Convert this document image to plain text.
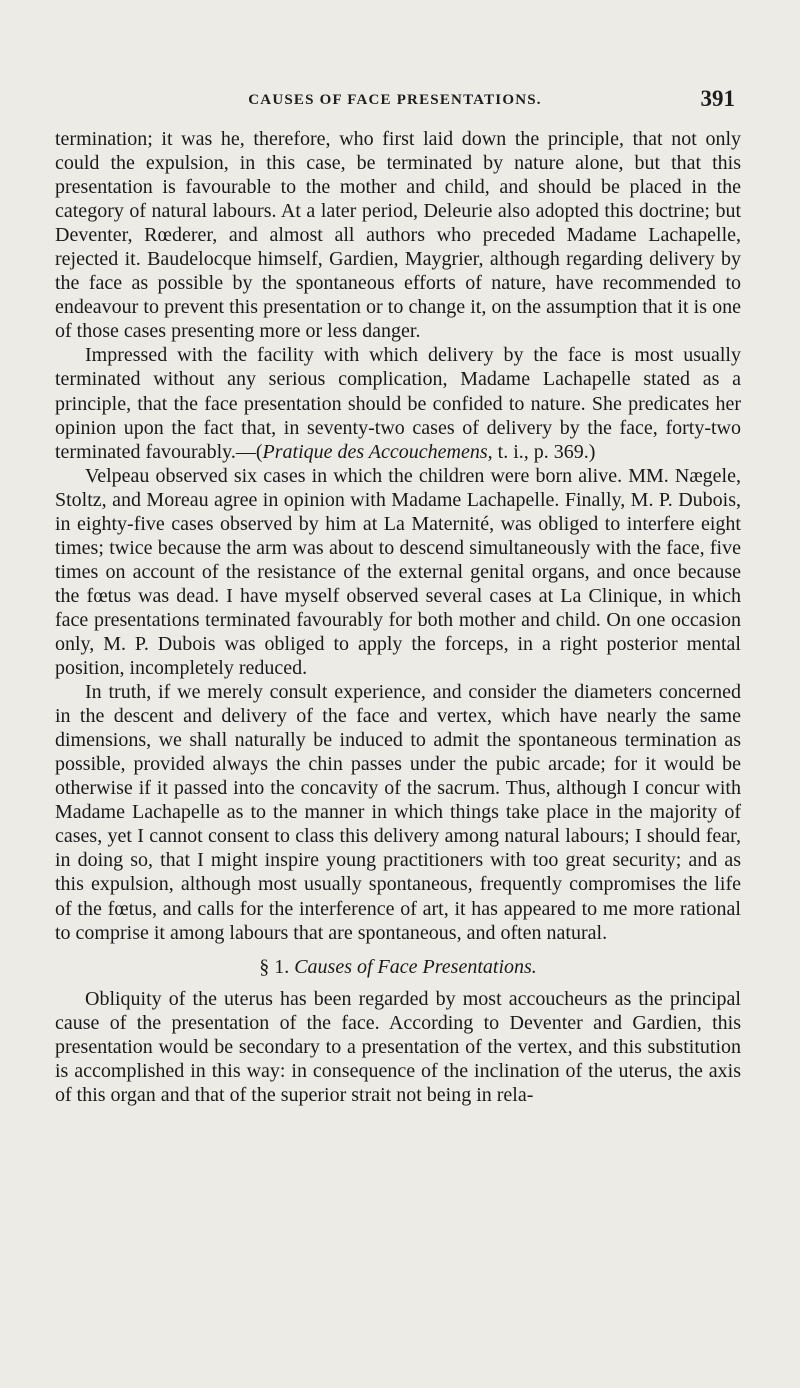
CAUSES OF FACE PRESENTATIONS.	391

termination; it was he, therefore, who first laid down the principle, that not only could the expulsion, in this case, be terminated by nature alone, but that this presentation is favourable to the mother and child, and should be placed in the category of natural labours. At a later period, Deleurie also adopted this doctrine; but Deventer, Rœderer, and almost all authors who preceded Madame Lachapelle, rejected it. Baudelocque himself, Gardien, Maygrier, although regarding delivery by the face as possible by the spontaneous efforts of nature, have recommended to endeavour to prevent this presentation or to change it, on the assumption that it is one of those cases presenting more or less danger.

Impressed with the facility with which delivery by the face is most usually terminated without any serious complication, Madame Lachapelle stated as a principle, that the face presentation should be confided to nature. She predicates her opinion upon the fact that, in seventy-two cases of delivery by the face, forty-two terminated favourably.—(Pratique des Accouchemens, t. i., p. 369.)

Velpeau observed six cases in which the children were born alive. MM. Nægele, Stoltz, and Moreau agree in opinion with Madame Lachapelle. Finally, M. P. Dubois, in eighty-five cases observed by him at La Maternité, was obliged to interfere eight times; twice because the arm was about to descend simultaneously with the face, five times on account of the resistance of the external genital organs, and once because the fœtus was dead. I have myself observed several cases at La Clinique, in which face presentations terminated favourably for both mother and child. On one occasion only, M. P. Dubois was obliged to apply the forceps, in a right posterior mental position, incompletely reduced.

In truth, if we merely consult experience, and consider the diameters concerned in the descent and delivery of the face and vertex, which have nearly the same dimensions, we shall naturally be induced to admit the spontaneous termination as possible, provided always the chin passes under the pubic arcade; for it would be otherwise if it passed into the concavity of the sacrum. Thus, although I concur with Madame Lachapelle as to the manner in which things take place in the majority of cases, yet I cannot consent to class this delivery among natural labours; I should fear, in doing so, that I might inspire young practitioners with too great security; and as this expulsion, although most usually spontaneous, frequently compromises the life of the fœtus, and calls for the interference of art, it has appeared to me more rational to comprise it among labours that are spontaneous, and often natural.

§ 1. Causes of Face Presentations.

Obliquity of the uterus has been regarded by most accoucheurs as the principal cause of the presentation of the face. According to Deventer and Gardien, this presentation would be secondary to a presentation of the vertex, and this substitution is accomplished in this way: in consequence of the inclination of the uterus, the axis of this organ and that of the superior strait not being in rela-
